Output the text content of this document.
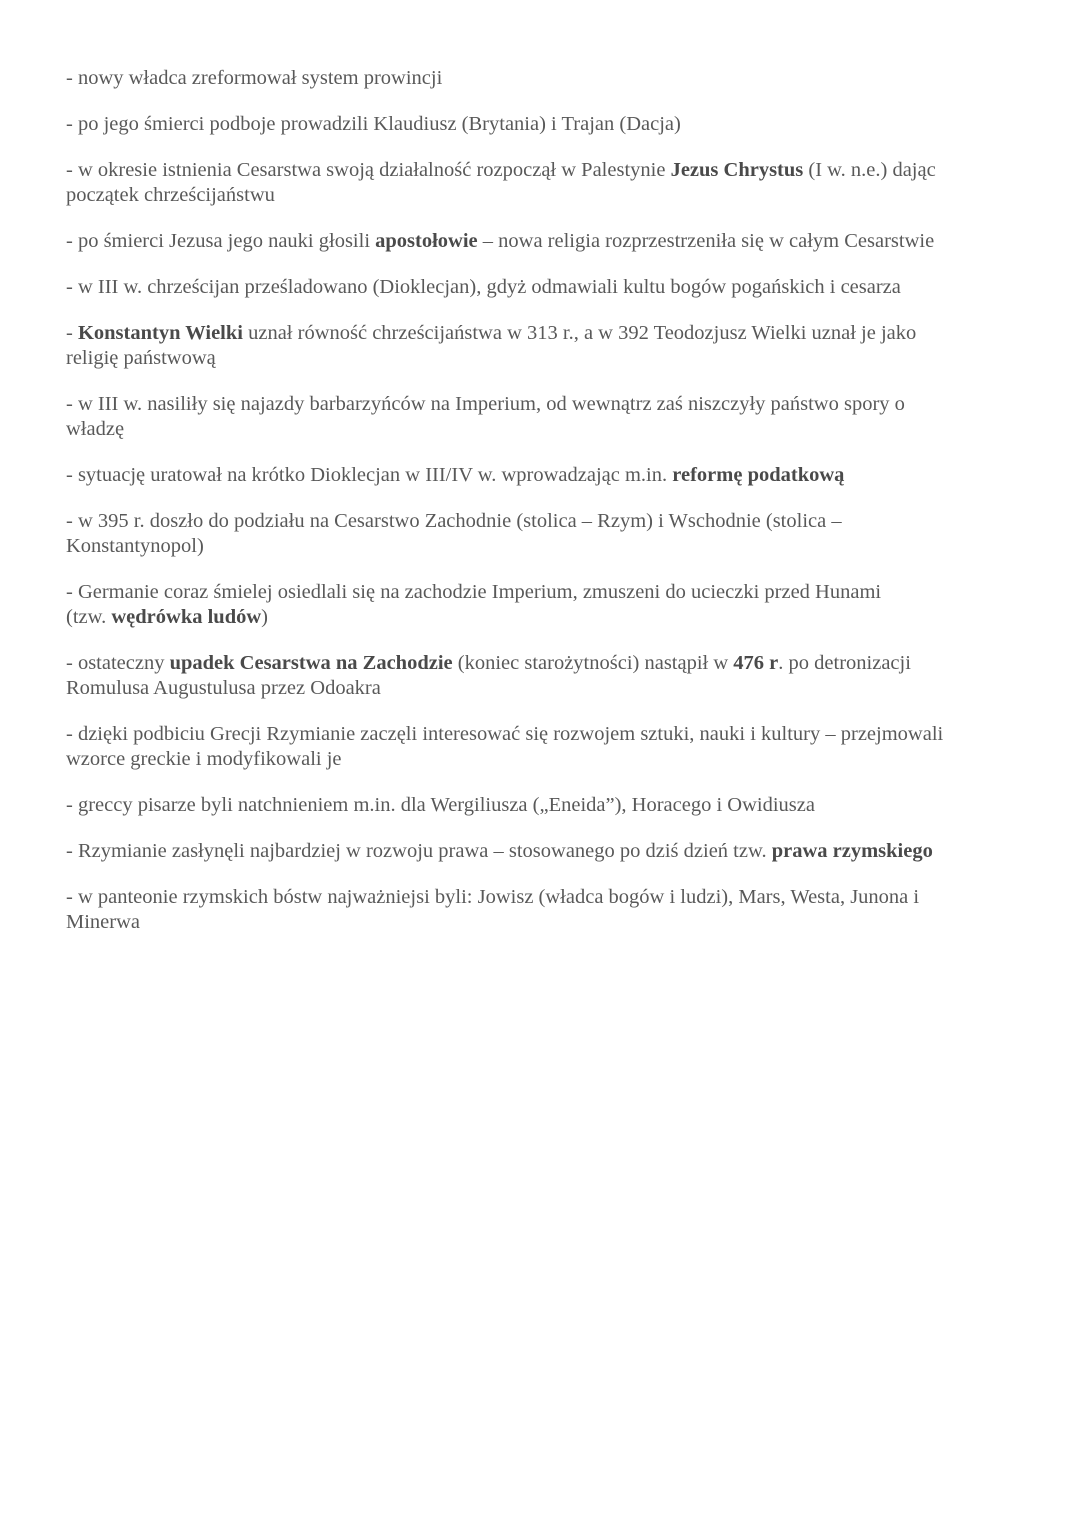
- nowy władca zreformował system prowincji
- po jego śmierci podboje prowadzili Klaudiusz (Brytania) i Trajan (Dacja)
- w okresie istnienia Cesarstwa swoją działalność rozpoczął w Palestynie Jezus Chrystus (I w. n.e.) dając
początek chrześcijaństwu
- po śmierci Jezusa jego nauki głosili apostołowie – nowa religia rozprzestrzeniła się w całym Cesarstwie
- w III w. chrześcijan prześladowano (Dioklecjan), gdyż odmawiali kultu bogów pogańskich i cesarza
- Konstantyn Wielki uznał równość chrześcijaństwa w 313 r., a w 392 Teodozjusz Wielki uznał je jako
religię państwową
- w III w. nasiliły się najazdy barbarzyńców na Imperium, od wewnątrz zaś niszczyły państwo spory o
władzę
- sytuację uratował na krótko Dioklecjan w III/IV w. wprowadzając m.in. reformę podatkową
- w 395 r. doszło do podziału na Cesarstwo Zachodnie (stolica – Rzym) i Wschodnie (stolica –
Konstantynopol)
- Germanie coraz śmielej osiedlali się na zachodzie Imperium, zmuszeni do ucieczki przed Hunami
(tzw. wędrówka ludów)
- ostateczny upadek Cesarstwa na Zachodzie (koniec starożytności) nastąpił w 476 r. po detronizacji
Romulusa Augustulusa przez Odoakra
- dzięki podbiciu Grecji Rzymianie zaczęli interesować się rozwojem sztuki, nauki i kultury – przejmowali
wzorce greckie i modyfikowali je
- greccy pisarze byli natchnieniem m.in. dla Wergiliusza („Eneida”), Horacego i Owidiusza
- Rzymianie zasłynęli najbardziej w rozwoju prawa – stosowanego po dziś dzień tzw. prawa rzymskiego
- w panteonie rzymskich bóstw najważniejsi byli: Jowisz (władca bogów i ludzi), Mars, Westa, Junona i
Minerwa
